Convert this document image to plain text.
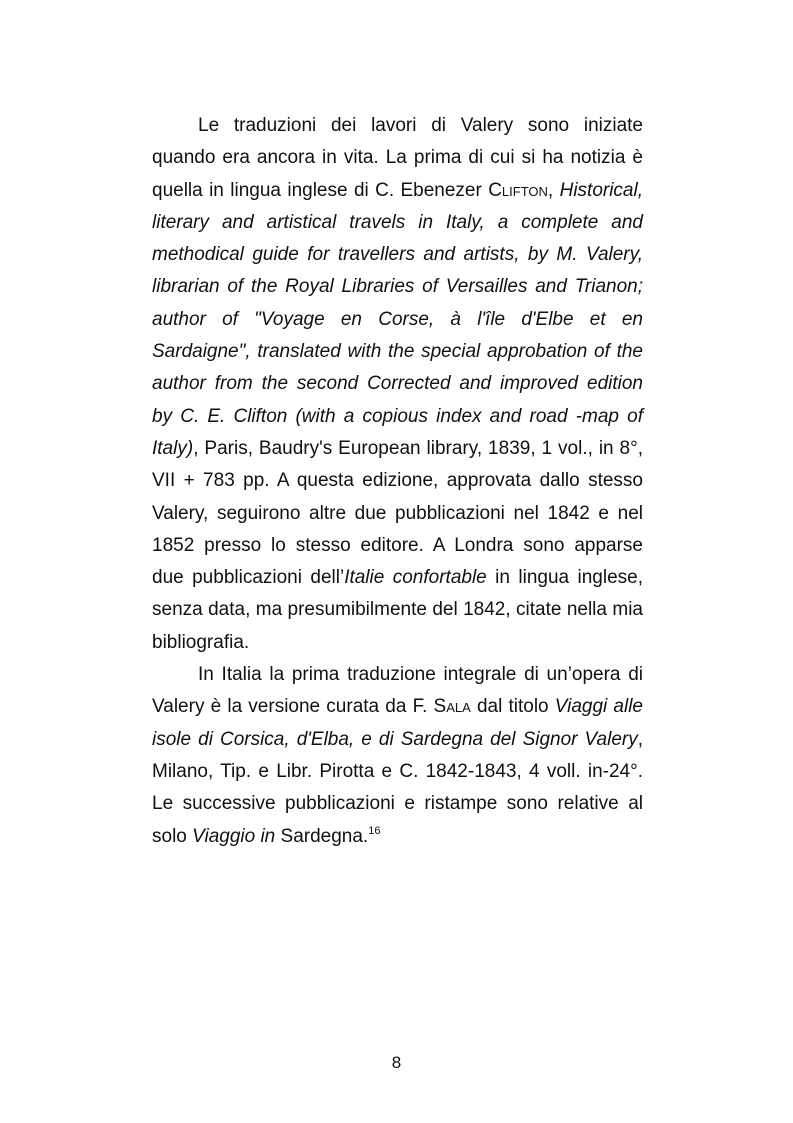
Le traduzioni dei lavori di Valery sono iniziate quando era ancora in vita. La prima di cui si ha notizia è quella in lingua inglese di C. Ebenezer Clifton, Historical, literary and artistical travels in Italy, a complete and methodical guide for travellers and artists, by M. Valery, librarian of the Royal Libraries of Versailles and Trianon; author of "Voyage en Corse, à l'île d'Elbe et en Sardaigne", translated with the special approbation of the author from the second Corrected and improved edition by C. E. Clifton (with a copious index and road -map of Italy), Paris, Baudry's European library, 1839, 1 vol., in 8°, VII + 783 pp. A questa edizione, approvata dallo stesso Valery, seguirono altre due pubblicazioni nel 1842 e nel 1852 presso lo stesso editore. A Londra sono apparse due pubblicazioni dell’Italie confortable in lingua inglese, senza data, ma presumibilmente del 1842, citate nella mia bibliografia.

In Italia la prima traduzione integrale di un’opera di Valery è la versione curata da F. Sala dal titolo Viaggi alle isole di Corsica, d'Elba, e di Sardegna del Signor Valery, Milano, Tip. e Libr. Pirotta e C. 1842-1843, 4 voll. in-24°. Le successive pubblicazioni e ristampe sono relative al solo Viaggio in Sardegna.$^{16}$

8
